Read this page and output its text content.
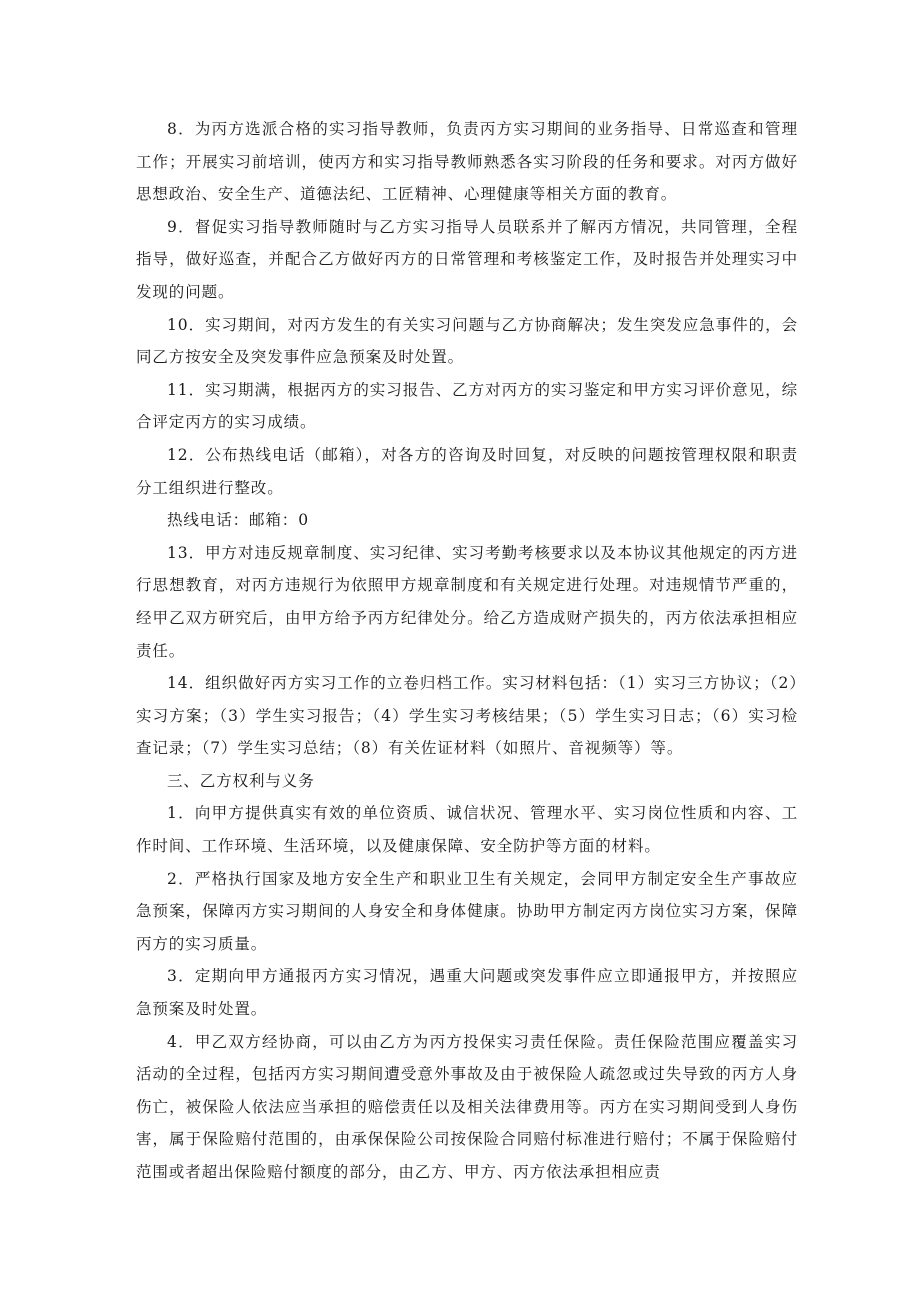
8．为丙方选派合格的实习指导教师，负责丙方实习期间的业务指导、日常巡查和管理工作；开展实习前培训，使丙方和实习指导教师熟悉各实习阶段的任务和要求。对丙方做好思想政治、安全生产、道德法纪、工匠精神、心理健康等相关方面的教育。

9．督促实习指导教师随时与乙方实习指导人员联系并了解丙方情况，共同管理，全程指导，做好巡查，并配合乙方做好丙方的日常管理和考核鉴定工作，及时报告并处理实习中发现的问题。

10．实习期间，对丙方发生的有关实习问题与乙方协商解决；发生突发应急事件的，会同乙方按安全及突发事件应急预案及时处置。

11．实习期满，根据丙方的实习报告、乙方对丙方的实习鉴定和甲方实习评价意见，综合评定丙方的实习成绩。

12．公布热线电话（邮箱），对各方的咨询及时回复，对反映的问题按管理权限和职责分工组织进行整改。

热线电话：邮箱：0

13．甲方对违反规章制度、实习纪律、实习考勤考核要求以及本协议其他规定的丙方进行思想教育，对丙方违规行为依照甲方规章制度和有关规定进行处理。对违规情节严重的，经甲乙双方研究后，由甲方给予丙方纪律处分。给乙方造成财产损失的，丙方依法承担相应责任。

14．组织做好丙方实习工作的立卷归档工作。实习材料包括：（1）实习三方协议；（2）实习方案；（3）学生实习报告；（4）学生实习考核结果；（5）学生实习日志；（6）实习检查记录；（7）学生实习总结；（8）有关佐证材料（如照片、音视频等）等。

三、乙方权利与义务

1．向甲方提供真实有效的单位资质、诚信状况、管理水平、实习岗位性质和内容、工作时间、工作环境、生活环境，以及健康保障、安全防护等方面的材料。

2．严格执行国家及地方安全生产和职业卫生有关规定，会同甲方制定安全生产事故应急预案，保障丙方实习期间的人身安全和身体健康。协助甲方制定丙方岗位实习方案，保障丙方的实习质量。

3．定期向甲方通报丙方实习情况，遇重大问题或突发事件应立即通报甲方，并按照应急预案及时处置。

4．甲乙双方经协商，可以由乙方为丙方投保实习责任保险。责任保险范围应覆盖实习活动的全过程，包括丙方实习期间遭受意外事故及由于被保险人疏忽或过失导致的丙方人身伤亡，被保险人依法应当承担的赔偿责任以及相关法律费用等。丙方在实习期间受到人身伤害，属于保险赔付范围的，由承保保险公司按保险合同赔付标准进行赔付；不属于保险赔付范围或者超出保险赔付额度的部分，由乙方、甲方、丙方依法承担相应责
